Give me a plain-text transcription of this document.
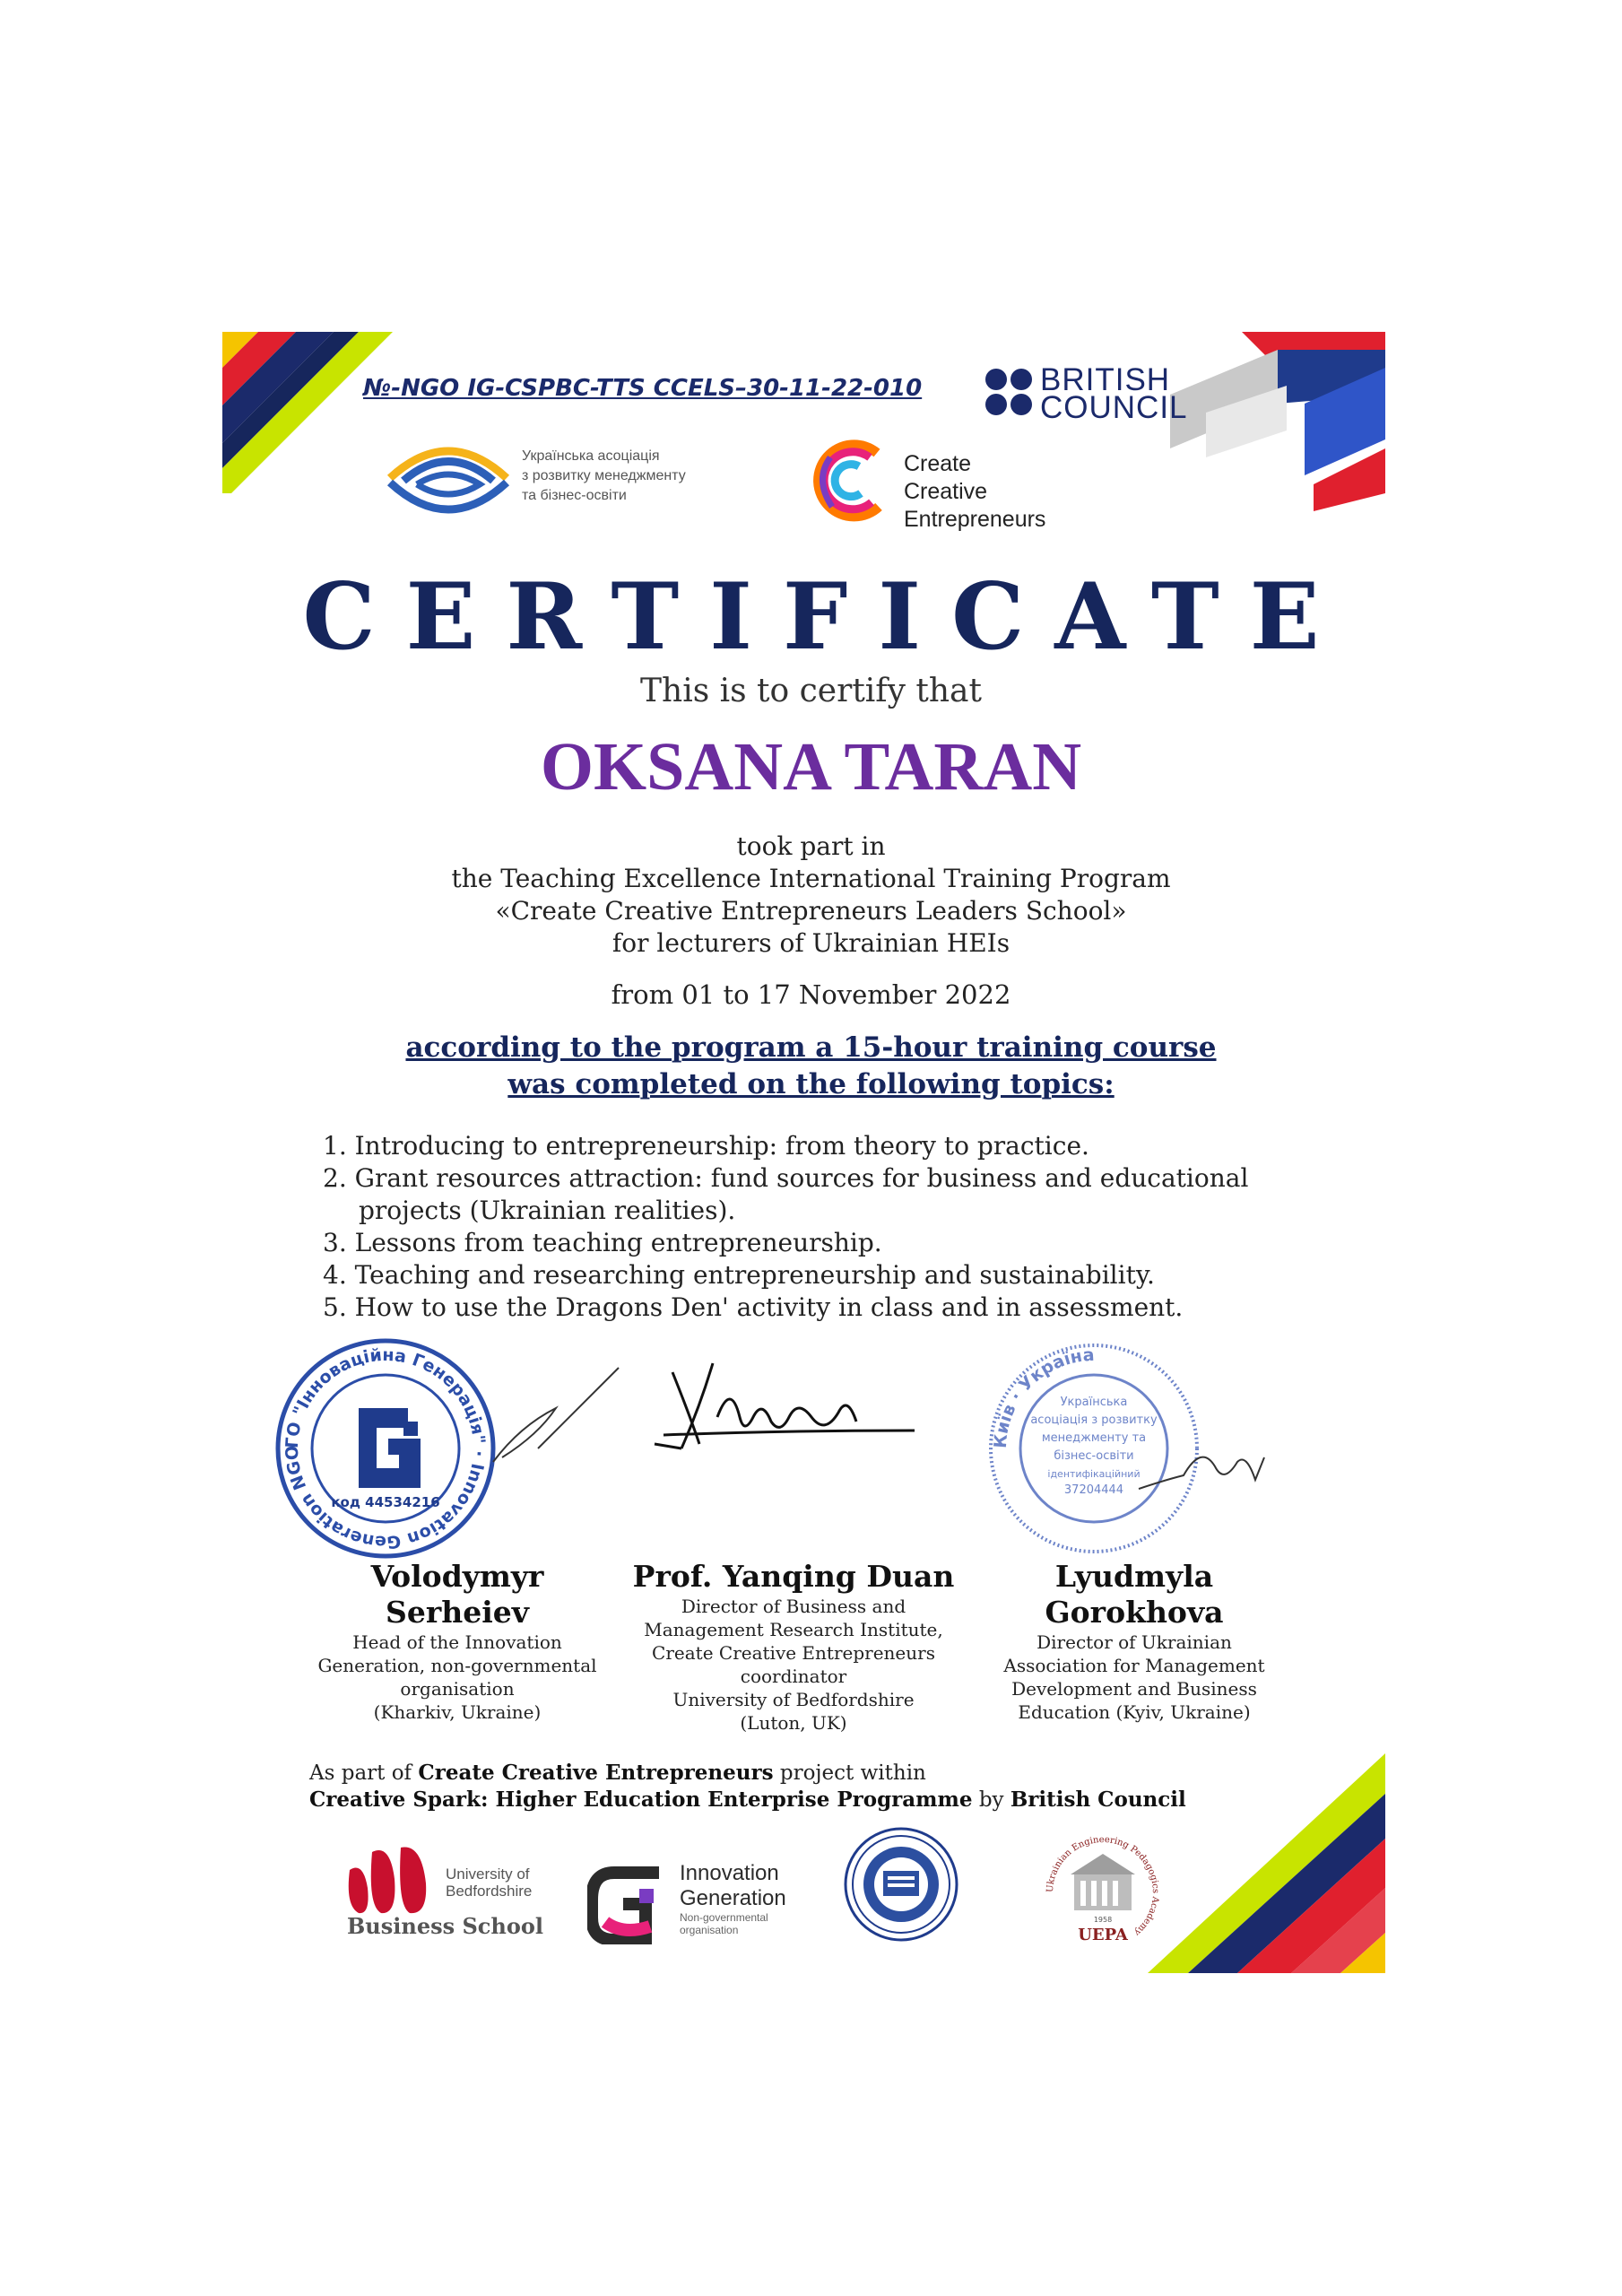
№-NGO IG-CSPBC-TTS CCELS–30-11-22-010	BRITISH
COUNCIL
Українська асоціація
з розвитку менеджменту
та бізнес-освіти
Create
Creative
Entrepreneurs
CERTIFICATE
This is to certify that
OKSANA TARAN
took part in
the Teaching Excellence International Training Program
«Create Creative Entrepreneurs Leaders School»
for lecturers of Ukrainian HEIs
from 01 to 17 November 2022
according to the program a 15-hour training course
was completed on the following topics:
1. Introducing to entrepreneurship: from theory to practice.
2. Grant resources attraction: fund sources for business and educational projects (Ukrainian realities).
3. Lessons from teaching entrepreneurship.
4. Teaching and researching entrepreneurship and sustainability.
5. How to use the Dragons Den' activity in class and in assessment.
ГО "Інноваційна Генерація" · Innovation Generation NGO
код 44534216
Київ · Україна
Українська
асоціація з розвитку
менеджменту та
бізнес-освіти
ідентифікаційний
37204444
Volodymyr
Serheiev
Head of the Innovation
Generation, non-governmental
organisation
(Kharkiv, Ukraine)
Prof. Yanqing Duan
Director of Business and
Management Research Institute,
Create Creative Entrepreneurs
coordinator
University of Bedfordshire
(Luton, UK)
Lyudmyla
Gorokhova
Director of Ukrainian
Association for Management
Development and Business
Education (Kyiv, Ukraine)
As part of Create Creative Entrepreneurs project within
Creative Spark: Higher Education Enterprise Programme by British Council
University of
Bedfordshire
Business School
Innovation
Generation
Non-governmental
organisation
Ukrainian Engineering Pedagogics Academy
1958
UEPA
